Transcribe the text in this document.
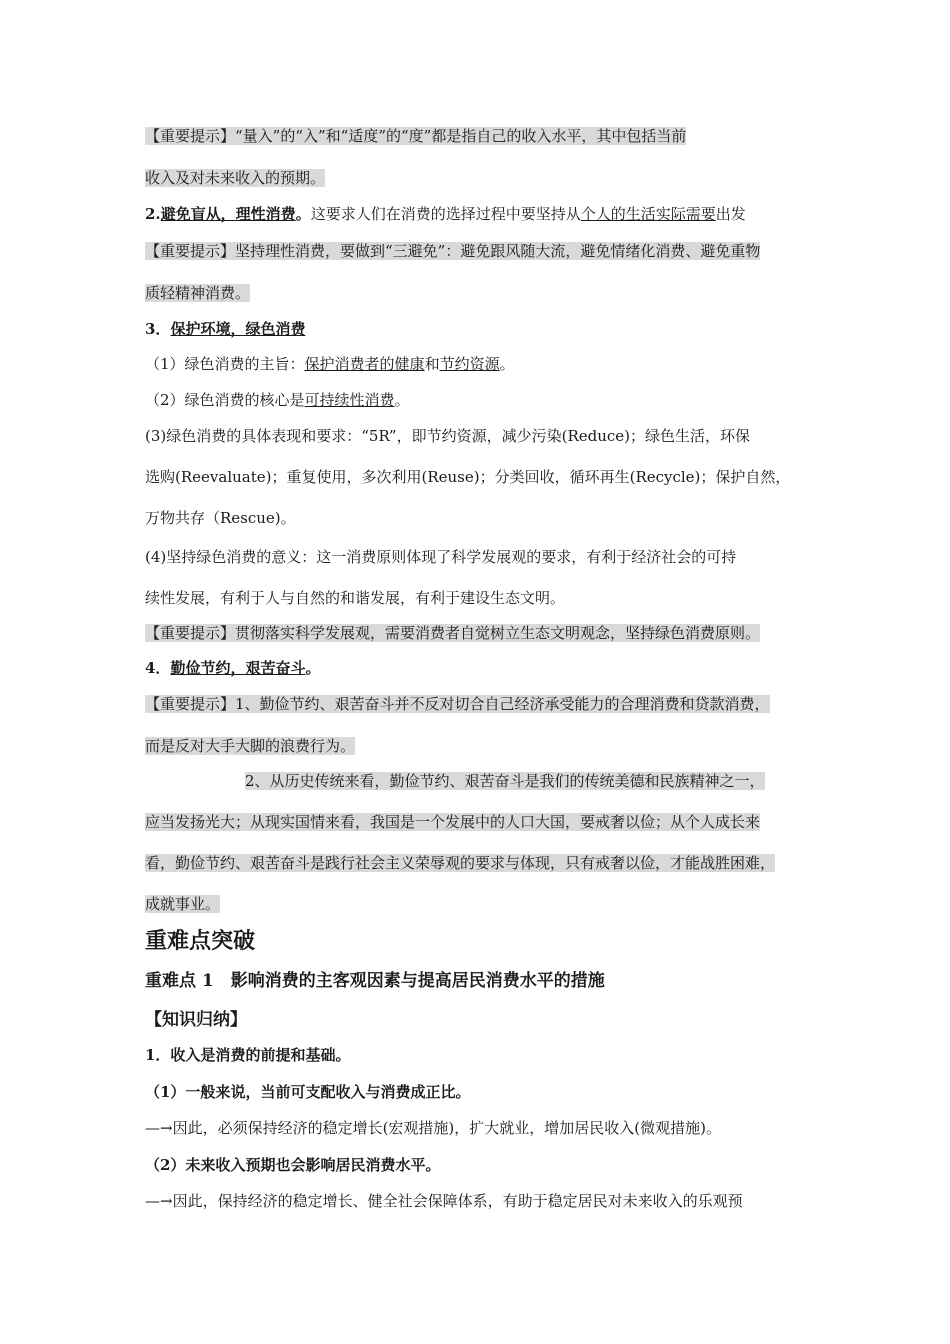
【重要提示】“量入”的“入”和“适度”的“度”都是指自己的收入水平，其中包括当前
收入及对未来收入的预期。
2.避免盲从，理性消费。这要求人们在消费的选择过程中要坚持从个人的生活实际需要出发
【重要提示】坚持理性消费，要做到“三避免”：避免跟风随大流，避免情绪化消费、避免重物
质轻精神消费。
3．保护环境，绿色消费
（1）绿色消费的主旨：保护消费者的健康和节约资源。
（2）绿色消费的核心是可持续性消费。
(3)绿色消费的具体表现和要求：“5R”，即节约资源，减少污染(Reduce)；绿色生活，环保
选购(Reevaluate)；重复使用，多次利用(Reuse)；分类回收，循环再生(Recycle)；保护自然，
万物共存（Rescue)。
(4)坚持绿色消费的意义：这一消费原则体现了科学发展观的要求，有利于经济社会的可持
续性发展，有利于人与自然的和谐发展，有利于建设生态文明。
【重要提示】贯彻落实科学发展观，需要消费者自觉树立生态文明观念，坚持绿色消费原则。
4．勤俭节约，艰苦奋斗。
【重要提示】1、勤俭节约、艰苦奋斗并不反对切合自己经济承受能力的合理消费和贷款消费，
而是反对大手大脚的浪费行为。
2、从历史传统来看，勤俭节约、艰苦奋斗是我们的传统美德和民族精神之一，
应当发扬光大；从现实国情来看，我国是一个发展中的人口大国，要戒奢以俭；从个人成长来
看，勤俭节约、艰苦奋斗是践行社会主义荣辱观的要求与体现，只有戒奢以俭，才能战胜困难，
成就事业。
重难点突破
重难点 1　影响消费的主客观因素与提高居民消费水平的措施
【知识归纳】
1．收入是消费的前提和基础。
（1）一般来说，当前可支配收入与消费成正比。
—→因此，必须保持经济的稳定增长(宏观措施)，扩大就业，增加居民收入(微观措施)。
（2）未来收入预期也会影响居民消费水平。
—→因此，保持经济的稳定增长、健全社会保障体系，有助于稳定居民对未来收入的乐观预
